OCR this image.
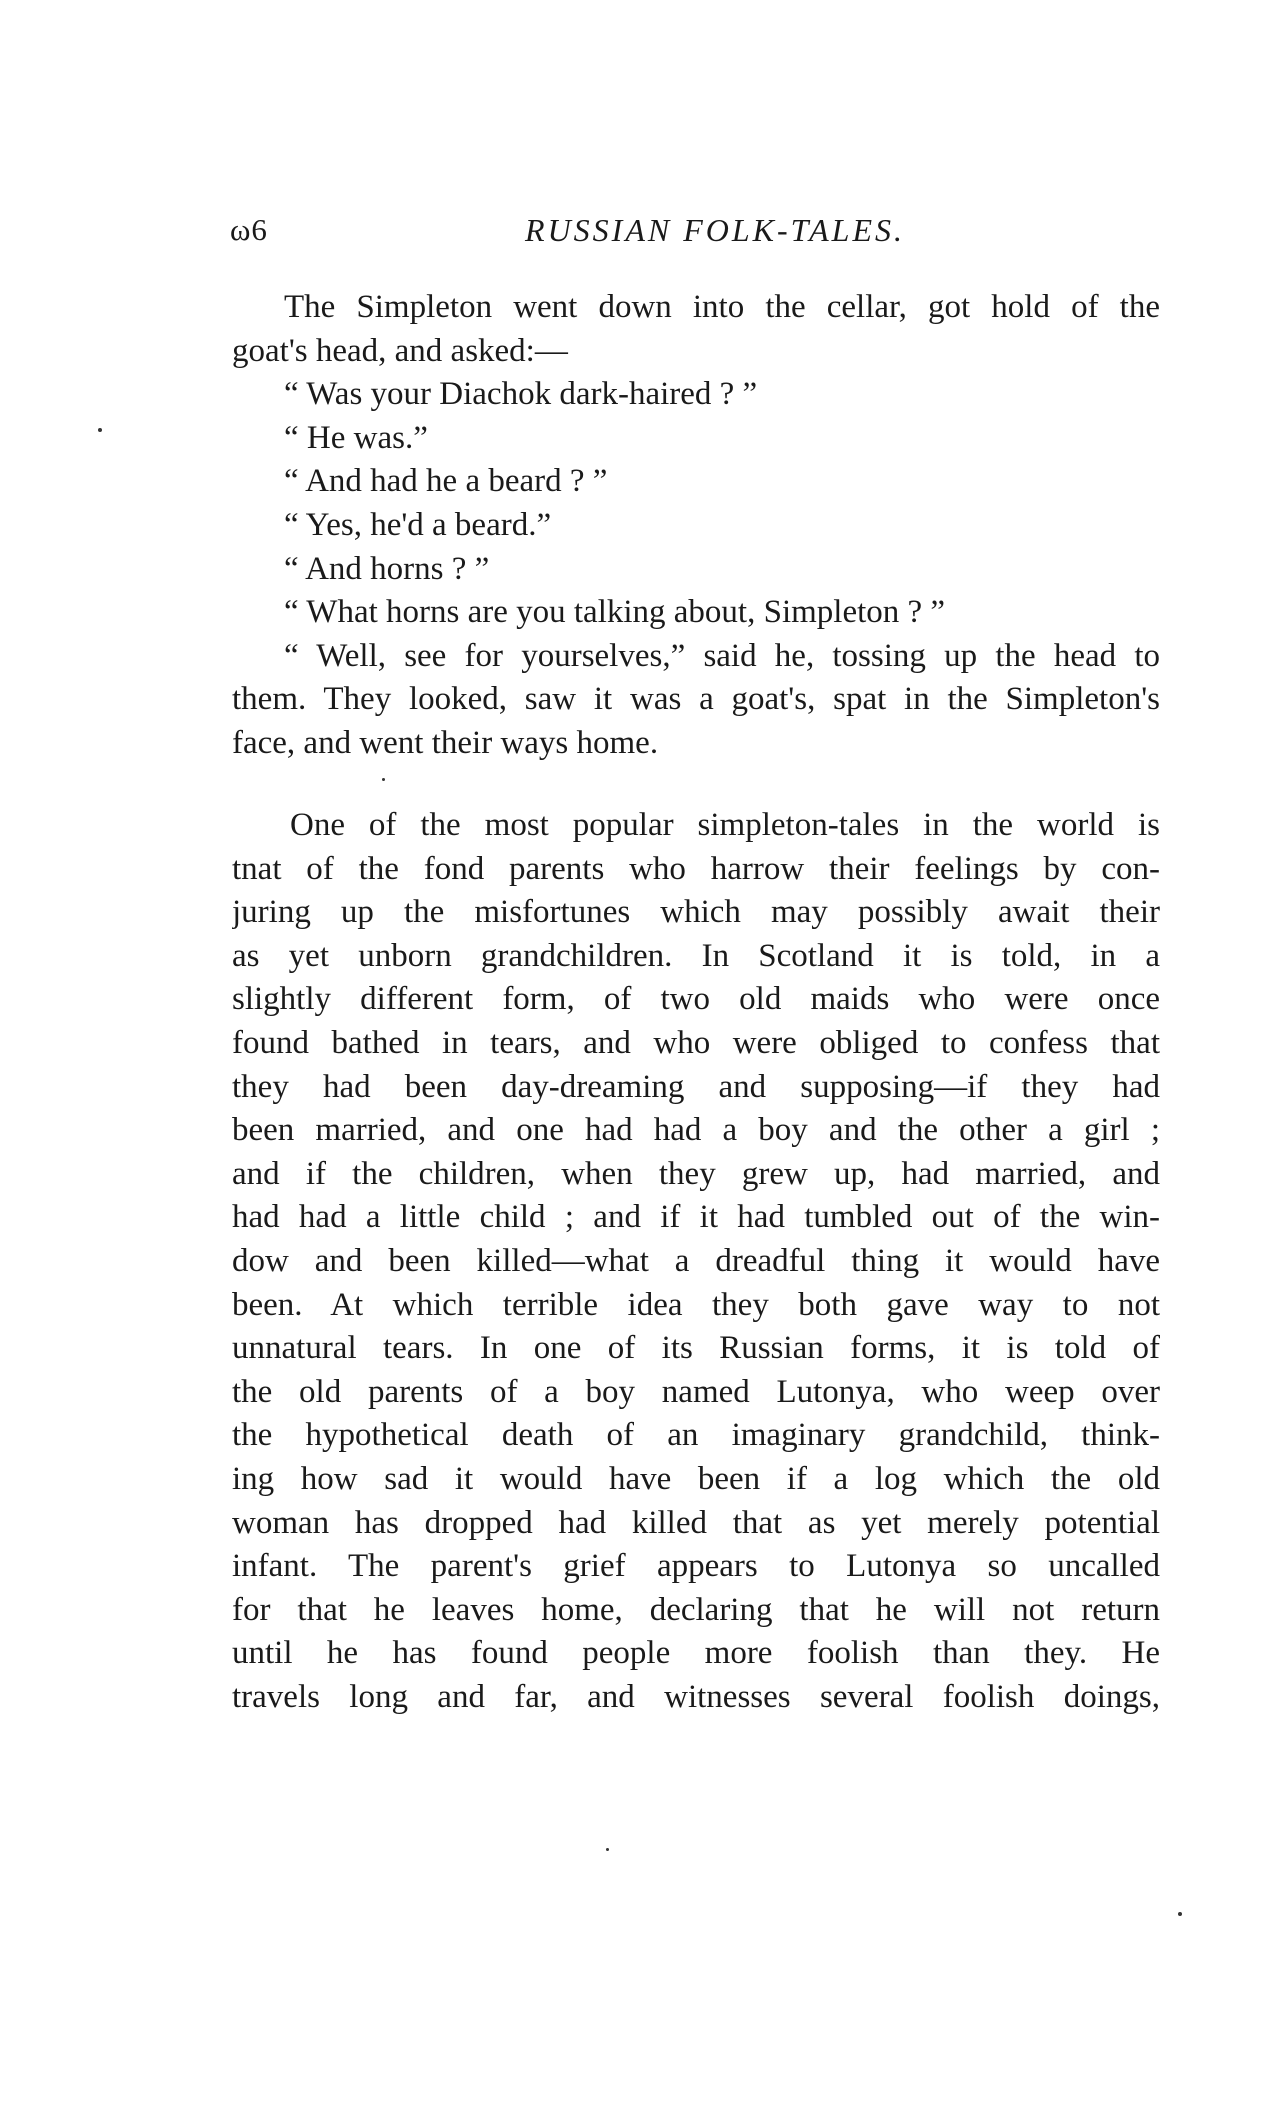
ω6	RUSSIAN FOLK-TALES.
The Simpleton went down into the cellar, got hold of the
goat's head, and asked:—
“ Was your Diachok dark-haired ? ”
“ He was.”
“ And had he a beard ? ”
“ Yes, he'd a beard.”
“ And horns ? ”
“ What horns are you talking about, Simpleton ? ”
“ Well, see for yourselves,” said he, tossing up the head to
them. They looked, saw it was a goat's, spat in the Simpleton's
face, and went their ways home.
One of the most popular simpleton-tales in the world is
tnat of the fond parents who harrow their feelings by con-
juring up the misfortunes which may possibly await their
as yet unborn grandchildren. In Scotland it is told, in a
slightly different form, of two old maids who were once
found bathed in tears, and who were obliged to confess that
they had been day-dreaming and supposing—if they had
been married, and one had had a boy and the other a girl ;
and if the children, when they grew up, had married, and
had had a little child ; and if it had tumbled out of the win-
dow and been killed—what a dreadful thing it would have
been. At which terrible idea they both gave way to not
unnatural tears. In one of its Russian forms, it is told of
the old parents of a boy named Lutonya, who weep over
the hypothetical death of an imaginary grandchild, think-
ing how sad it would have been if a log which the old
woman has dropped had killed that as yet merely potential
infant. The parent's grief appears to Lutonya so uncalled
for that he leaves home, declaring that he will not return
until he has found people more foolish than they. He
travels long and far, and witnesses several foolish doings,
